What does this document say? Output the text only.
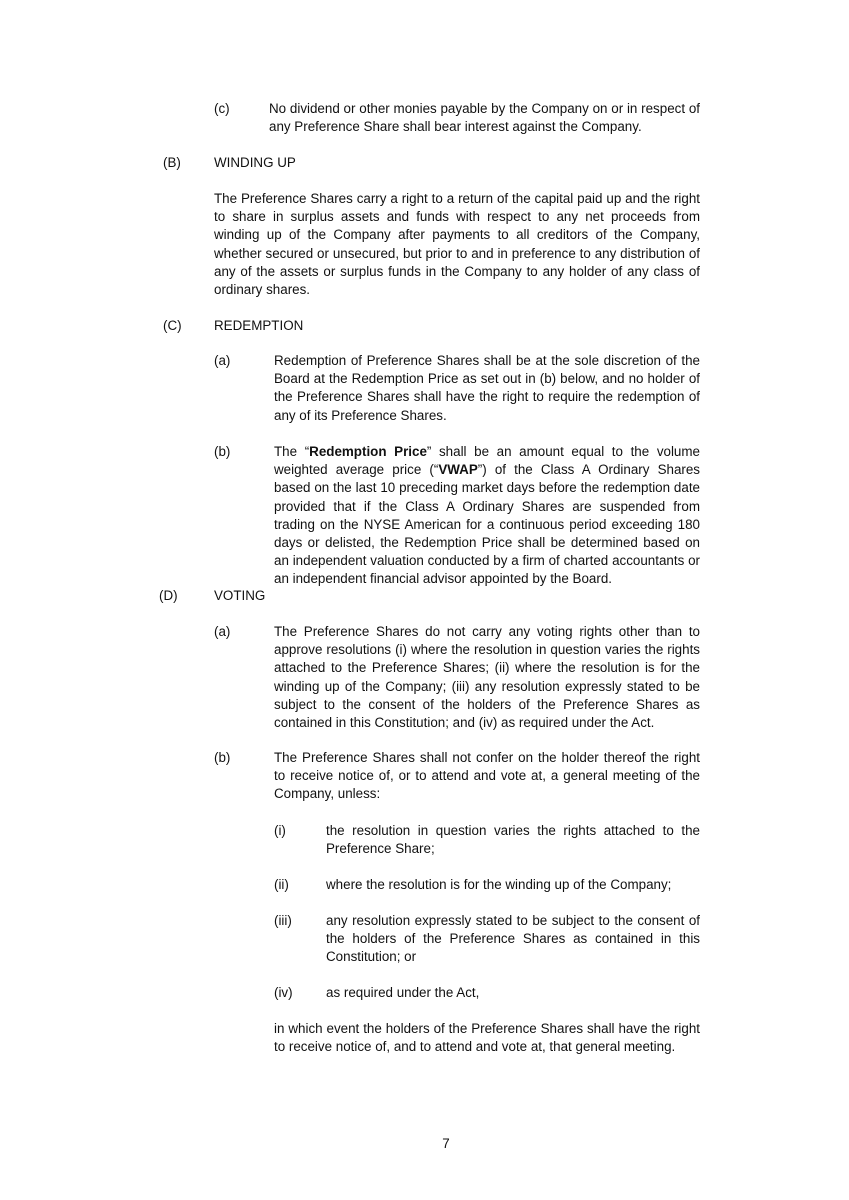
(c)	No dividend or other monies payable by the Company on or in respect of any Preference Share shall bear interest against the Company.
(B) WINDING UP
The Preference Shares carry a right to a return of the capital paid up and the right to share in surplus assets and funds with respect to any net proceeds from winding up of the Company after payments to all creditors of the Company, whether secured or unsecured, but prior to and in preference to any distribution of any of the assets or surplus funds in the Company to any holder of any class of ordinary shares.
(C) REDEMPTION
(a)	Redemption of Preference Shares shall be at the sole discretion of the Board at the Redemption Price as set out in (b) below, and no holder of the Preference Shares shall have the right to require the redemption of any of its Preference Shares.
(b)	The “Redemption Price” shall be an amount equal to the volume weighted average price (“VWAP”) of the Class A Ordinary Shares based on the last 10 preceding market days before the redemption date provided that if the Class A Ordinary Shares are suspended from trading on the NYSE American for a continuous period exceeding 180 days or delisted, the Redemption Price shall be determined based on an independent valuation conducted by a firm of charted accountants or an independent financial advisor appointed by the Board.
(D)	VOTING
(a)	The Preference Shares do not carry any voting rights other than to approve resolutions (i) where the resolution in question varies the rights attached to the Preference Shares; (ii) where the resolution is for the winding up of the Company; (iii) any resolution expressly stated to be subject to the consent of the holders of the Preference Shares as contained in this Constitution; and (iv) as required under the Act.
(b)	The Preference Shares shall not confer on the holder thereof the right to receive notice of, or to attend and vote at, a general meeting of the Company, unless:
(i)	the resolution in question varies the rights attached to the Preference Share;
(ii)	where the resolution is for the winding up of the Company;
(iii)	any resolution expressly stated to be subject to the consent of the holders of the Preference Shares as contained in this Constitution; or
(iv) as required under the Act,
in which event the holders of the Preference Shares shall have the right to receive notice of, and to attend and vote at, that general meeting.
7
